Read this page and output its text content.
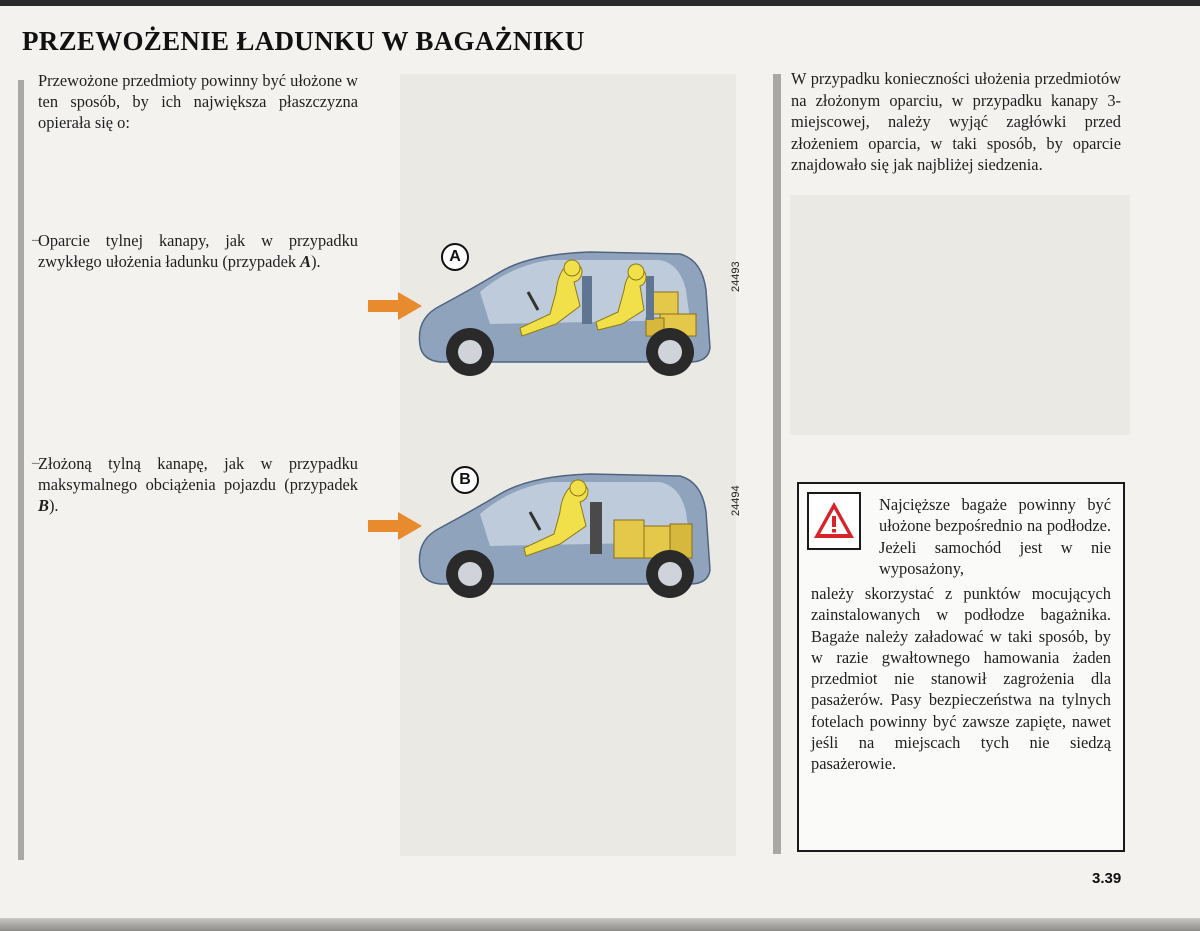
PRZEWOŻENIE ŁADUNKU W BAGAŻNIKU

Przewożone przedmioty powinny być ułożone w ten sposób, by ich największa płaszczyzna opierała się o:

–

Oparcie tylnej kanapy, jak w przypadku zwykłego ułożenia ładunku (przypadek A).

–

Złożoną tylną kanapę, jak w przypadku maksymalnego obciążenia pojazdu (przypadek B).

A
24493
B
24494

W przypadku konieczności ułożenia przedmiotów na złożonym oparciu, w przypadku kanapy 3-miejscowej, należy wyjąć zagłówki przed złożeniem oparcia, w taki sposób, by oparcie znajdowało się jak najbliżej siedzenia.

Najcięższe bagaże powinny być ułożone bezpośrednio na podłodze. Jeżeli samochód jest w nie wyposażony,

należy skorzystać z punktów mocujących zainstalowanych w podłodze bagażnika. Bagaże należy załadować w taki sposób, by w razie gwałtownego hamowania żaden przedmiot nie stanowił zagrożenia dla pasażerów. Pasy bezpieczeństwa na tylnych fotelach powinny być zawsze zapięte, nawet jeśli na miejscach tych nie siedzą pasażerowie.

3.39
